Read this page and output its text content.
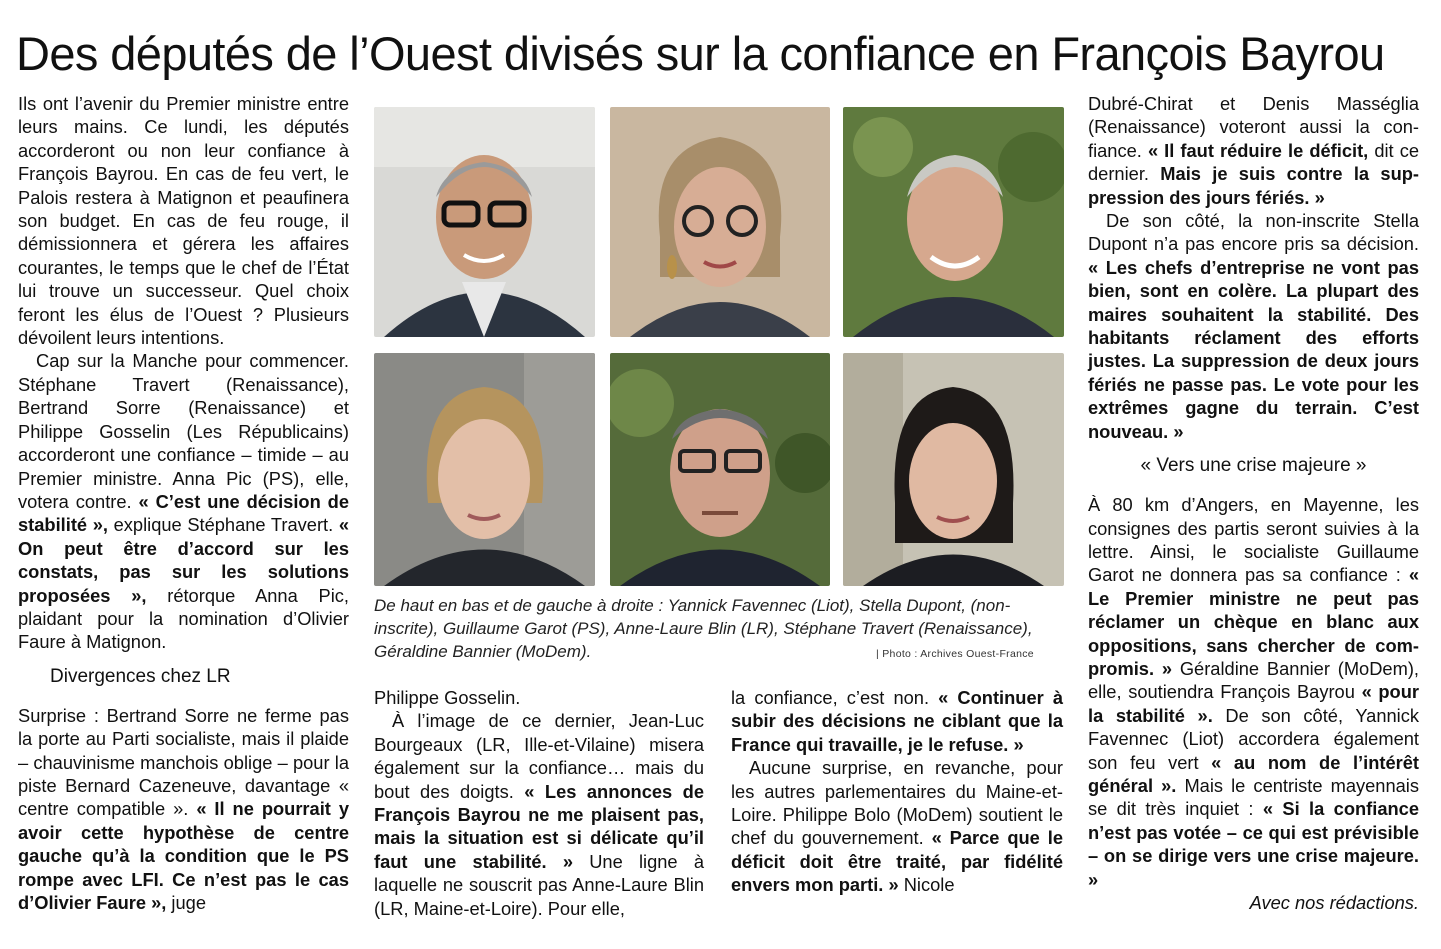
Des députés de l’Ouest divisés sur la confiance en François Bayrou

Ils ont l’avenir du Premier ministre entre leurs mains. Ce lundi, les députés accorderont ou non leur confiance à François Bayrou. En cas de feu vert, le Palois restera à Matignon et peaufinera son budget. En cas de feu rouge, il démissionnera et gérera les affaires courantes, le temps que le chef de l’État lui trouve un successeur. Quel choix feront les élus de l’Ouest ? Plusieurs dévoilent leurs intentions.

Cap sur la Manche pour commencer. Stéphane Travert (Renaissance), Bertrand Sorre (Renaissance) et Philippe Gosselin (Les Républicains) accorderont une confiance – timide – au Premier ministre. Anna Pic (PS), elle, votera contre. « C’est une décision de stabilité », explique Stéphane Travert. « On peut être d’accord sur les constats, pas sur les solutions proposées », rétorque Anna Pic, plaidant pour la nomination d’Olivier Faure à Matignon.

Divergences chez LR

Surprise : Bertrand Sorre ne ferme pas la porte au Parti socialiste, mais il plaide – chauvinisme manchois oblige – pour la piste Bernard Cazeneuve, davantage « centre compatible ». « Il ne pourrait y avoir cette hypothèse de centre gauche qu’à la condition que le PS rompe avec LFI. Ce n’est pas le cas d’Olivier Faure », juge

De haut en bas et de gauche à droite : Yannick Favennec (Liot), Stella Dupont, (non-inscrite), Guillaume Garot (PS), Anne-Laure Blin (LR), Stéphane Travert (Renaissance), Géraldine Bannier (MoDem).	| Photo : Archives Ouest-France

Philippe Gosselin.

À l’image de ce dernier, Jean-Luc Bourgeaux (LR, Ille-et-Vilaine) misera également sur la confiance… mais du bout des doigts. « Les annonces de François Bayrou ne me plaisent pas, mais la situation est si délicate qu’il faut une stabilité. » Une ligne à laquelle ne souscrit pas Anne-Laure Blin (LR, Maine-et-Loire). Pour elle,

la confiance, c’est non. « Continuer à subir des décisions ne ciblant que la France qui travaille, je le refuse. »

Aucune surprise, en revanche, pour les autres parlementaires du Maine-et-Loire. Philippe Bolo (MoDem) soutient le chef du gouvernement. « Parce que le déficit doit être traité, par fidélité envers mon parti. » Nicole

Dubré-Chirat et Denis Masséglia (Renaissance) voteront aussi la confiance. « Il faut réduire le déficit, dit ce dernier. Mais je suis contre la suppression des jours fériés. »

De son côté, la non-inscrite Stella Dupont n’a pas encore pris sa décision. « Les chefs d’entreprise ne vont pas bien, sont en colère. La plupart des maires souhaitent la stabilité. Des habitants réclament des efforts justes. La suppression de deux jours fériés ne passe pas. Le vote pour les extrêmes gagne du terrain. C’est nouveau. »

« Vers une crise majeure »

À 80 km d’Angers, en Mayenne, les consignes des partis seront suivies à la lettre. Ainsi, le socialiste Guillaume Garot ne donnera pas sa confiance : « Le Premier ministre ne peut pas réclamer un chèque en blanc aux oppositions, sans chercher de compromis. » Géraldine Bannier (MoDem), elle, soutiendra François Bayrou « pour la stabilité ». De son côté, Yannick Favennec (Liot) accordera également son feu vert « au nom de l’intérêt général ». Mais le centriste mayennais se dit très inquiet : « Si la confiance n’est pas votée – ce qui est prévisible – on se dirige vers une crise majeure. »

Avec nos rédactions.
